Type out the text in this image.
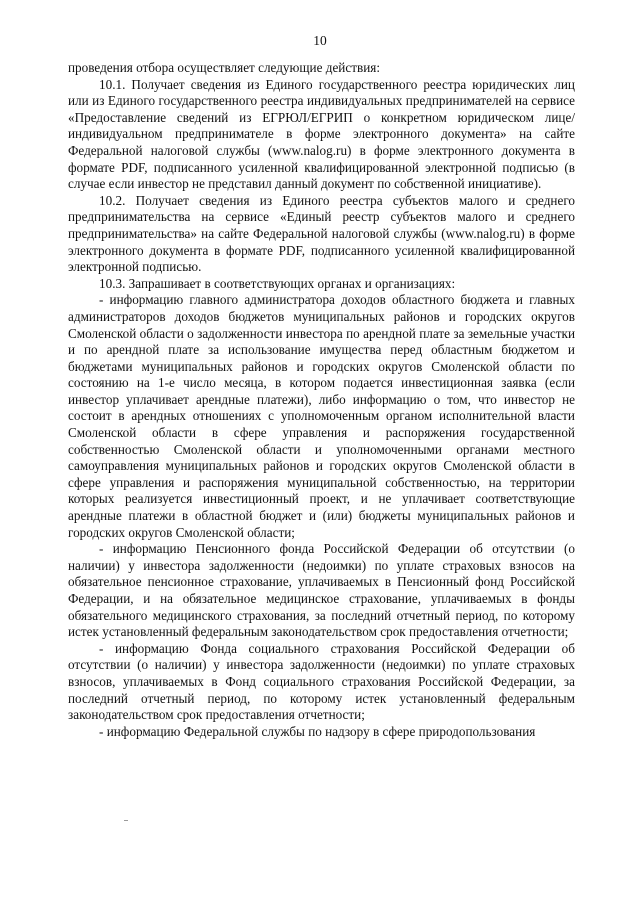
10

проведения отбора осуществляет следующие действия:

10.1. Получает сведения из Единого государственного реестра юридических лиц или из Единого государственного реестра индивидуальных предпринимателей на сервисе «Предоставление сведений из ЕГРЮЛ/ЕГРИП о конкретном юридическом лице/индивидуальном предпринимателе в форме электронного документа» на сайте Федеральной налоговой службы (www.nalog.ru) в форме электронного документа в формате PDF, подписанного усиленной квалифицированной электронной подписью (в случае если инвестор не представил данный документ по собственной инициативе).

10.2. Получает сведения из Единого реестра субъектов малого и среднего предпринимательства на сервисе «Единый реестр субъектов малого и среднего предпринимательства» на сайте Федеральной налоговой службы (www.nalog.ru) в форме электронного документа в формате PDF, подписанного усиленной квалифицированной электронной подписью.

10.3. Запрашивает в соответствующих органах и организациях:

- информацию главного администратора доходов областного бюджета и главных администраторов доходов бюджетов муниципальных районов и городских округов Смоленской области о задолженности инвестора по арендной плате за земельные участки и по арендной плате за использование имущества перед областным бюджетом и бюджетами муниципальных районов и городских округов Смоленской области по состоянию на 1-е число месяца, в котором подается инвестиционная заявка (если инвестор уплачивает арендные платежи), либо информацию о том, что инвестор не состоит в арендных отношениях с уполномоченным органом исполнительной власти Смоленской области в сфере управления и распоряжения государственной собственностью Смоленской области и уполномоченными органами местного самоуправления муниципальных районов и городских округов Смоленской области в сфере управления и распоряжения муниципальной собственностью, на территории которых реализуется инвестиционный проект, и не уплачивает соответствующие арендные платежи в областной бюджет и (или) бюджеты муниципальных районов и городских округов Смоленской области;

- информацию Пенсионного фонда Российской Федерации об отсутствии (о наличии) у инвестора задолженности (недоимки) по уплате страховых взносов на обязательное пенсионное страхование, уплачиваемых в Пенсионный фонд Российской Федерации, и на обязательное медицинское страхование, уплачиваемых в фонды обязательного медицинского страхования, за последний отчетный период, по которому истек установленный федеральным законодательством срок предоставления отчетности;

- информацию Фонда социального страхования Российской Федерации об отсутствии (о наличии) у инвестора задолженности (недоимки) по уплате страховых взносов, уплачиваемых в Фонд социального страхования Российской Федерации, за последний отчетный период, по которому истек установленный федеральным законодательством срок предоставления отчетности;

- информацию Федеральной службы по надзору в сфере природопользования
